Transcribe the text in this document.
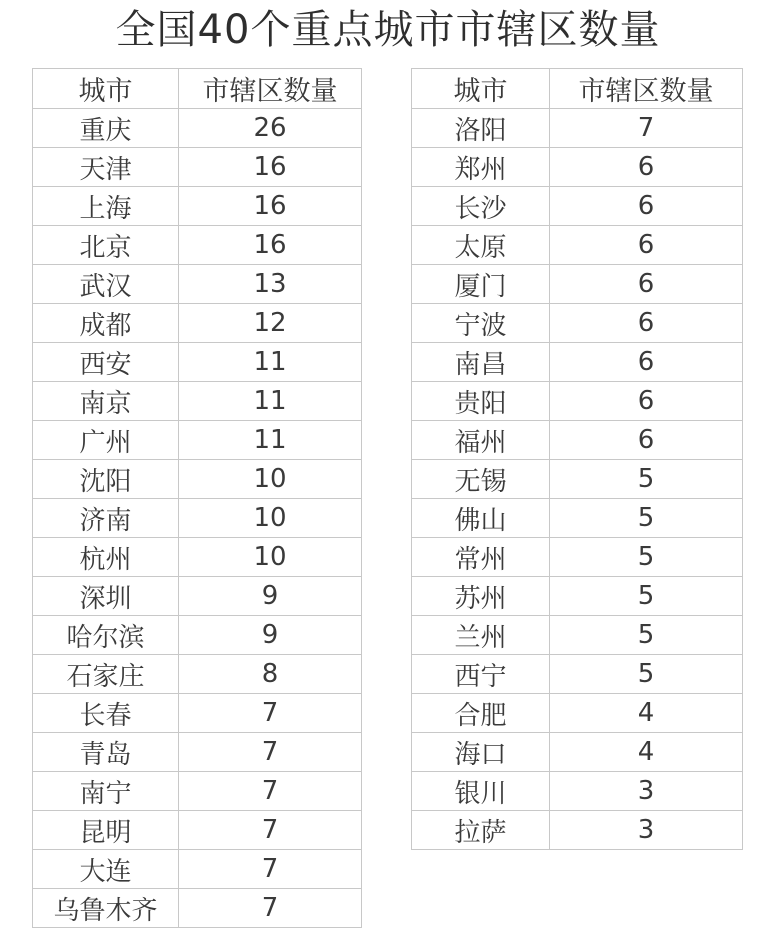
全国40个重点城市市辖区数量
城市	市辖区数量
重庆	26
天津	16
上海	16
北京	16
武汉	13
成都	12
西安	11
南京	11
广州	11
沈阳	10
济南	10
杭州	10
深圳	9
哈尔滨	9
石家庄	8
长春	7
青岛	7
南宁	7
昆明	7
大连	7
乌鲁木齐	7
城市	市辖区数量
洛阳	7
郑州	6
长沙	6
太原	6
厦门	6
宁波	6
南昌	6
贵阳	6
福州	6
无锡	5
佛山	5
常州	5
苏州	5
兰州	5
西宁	5
合肥	4
海口	4
银川	3
拉萨	3
